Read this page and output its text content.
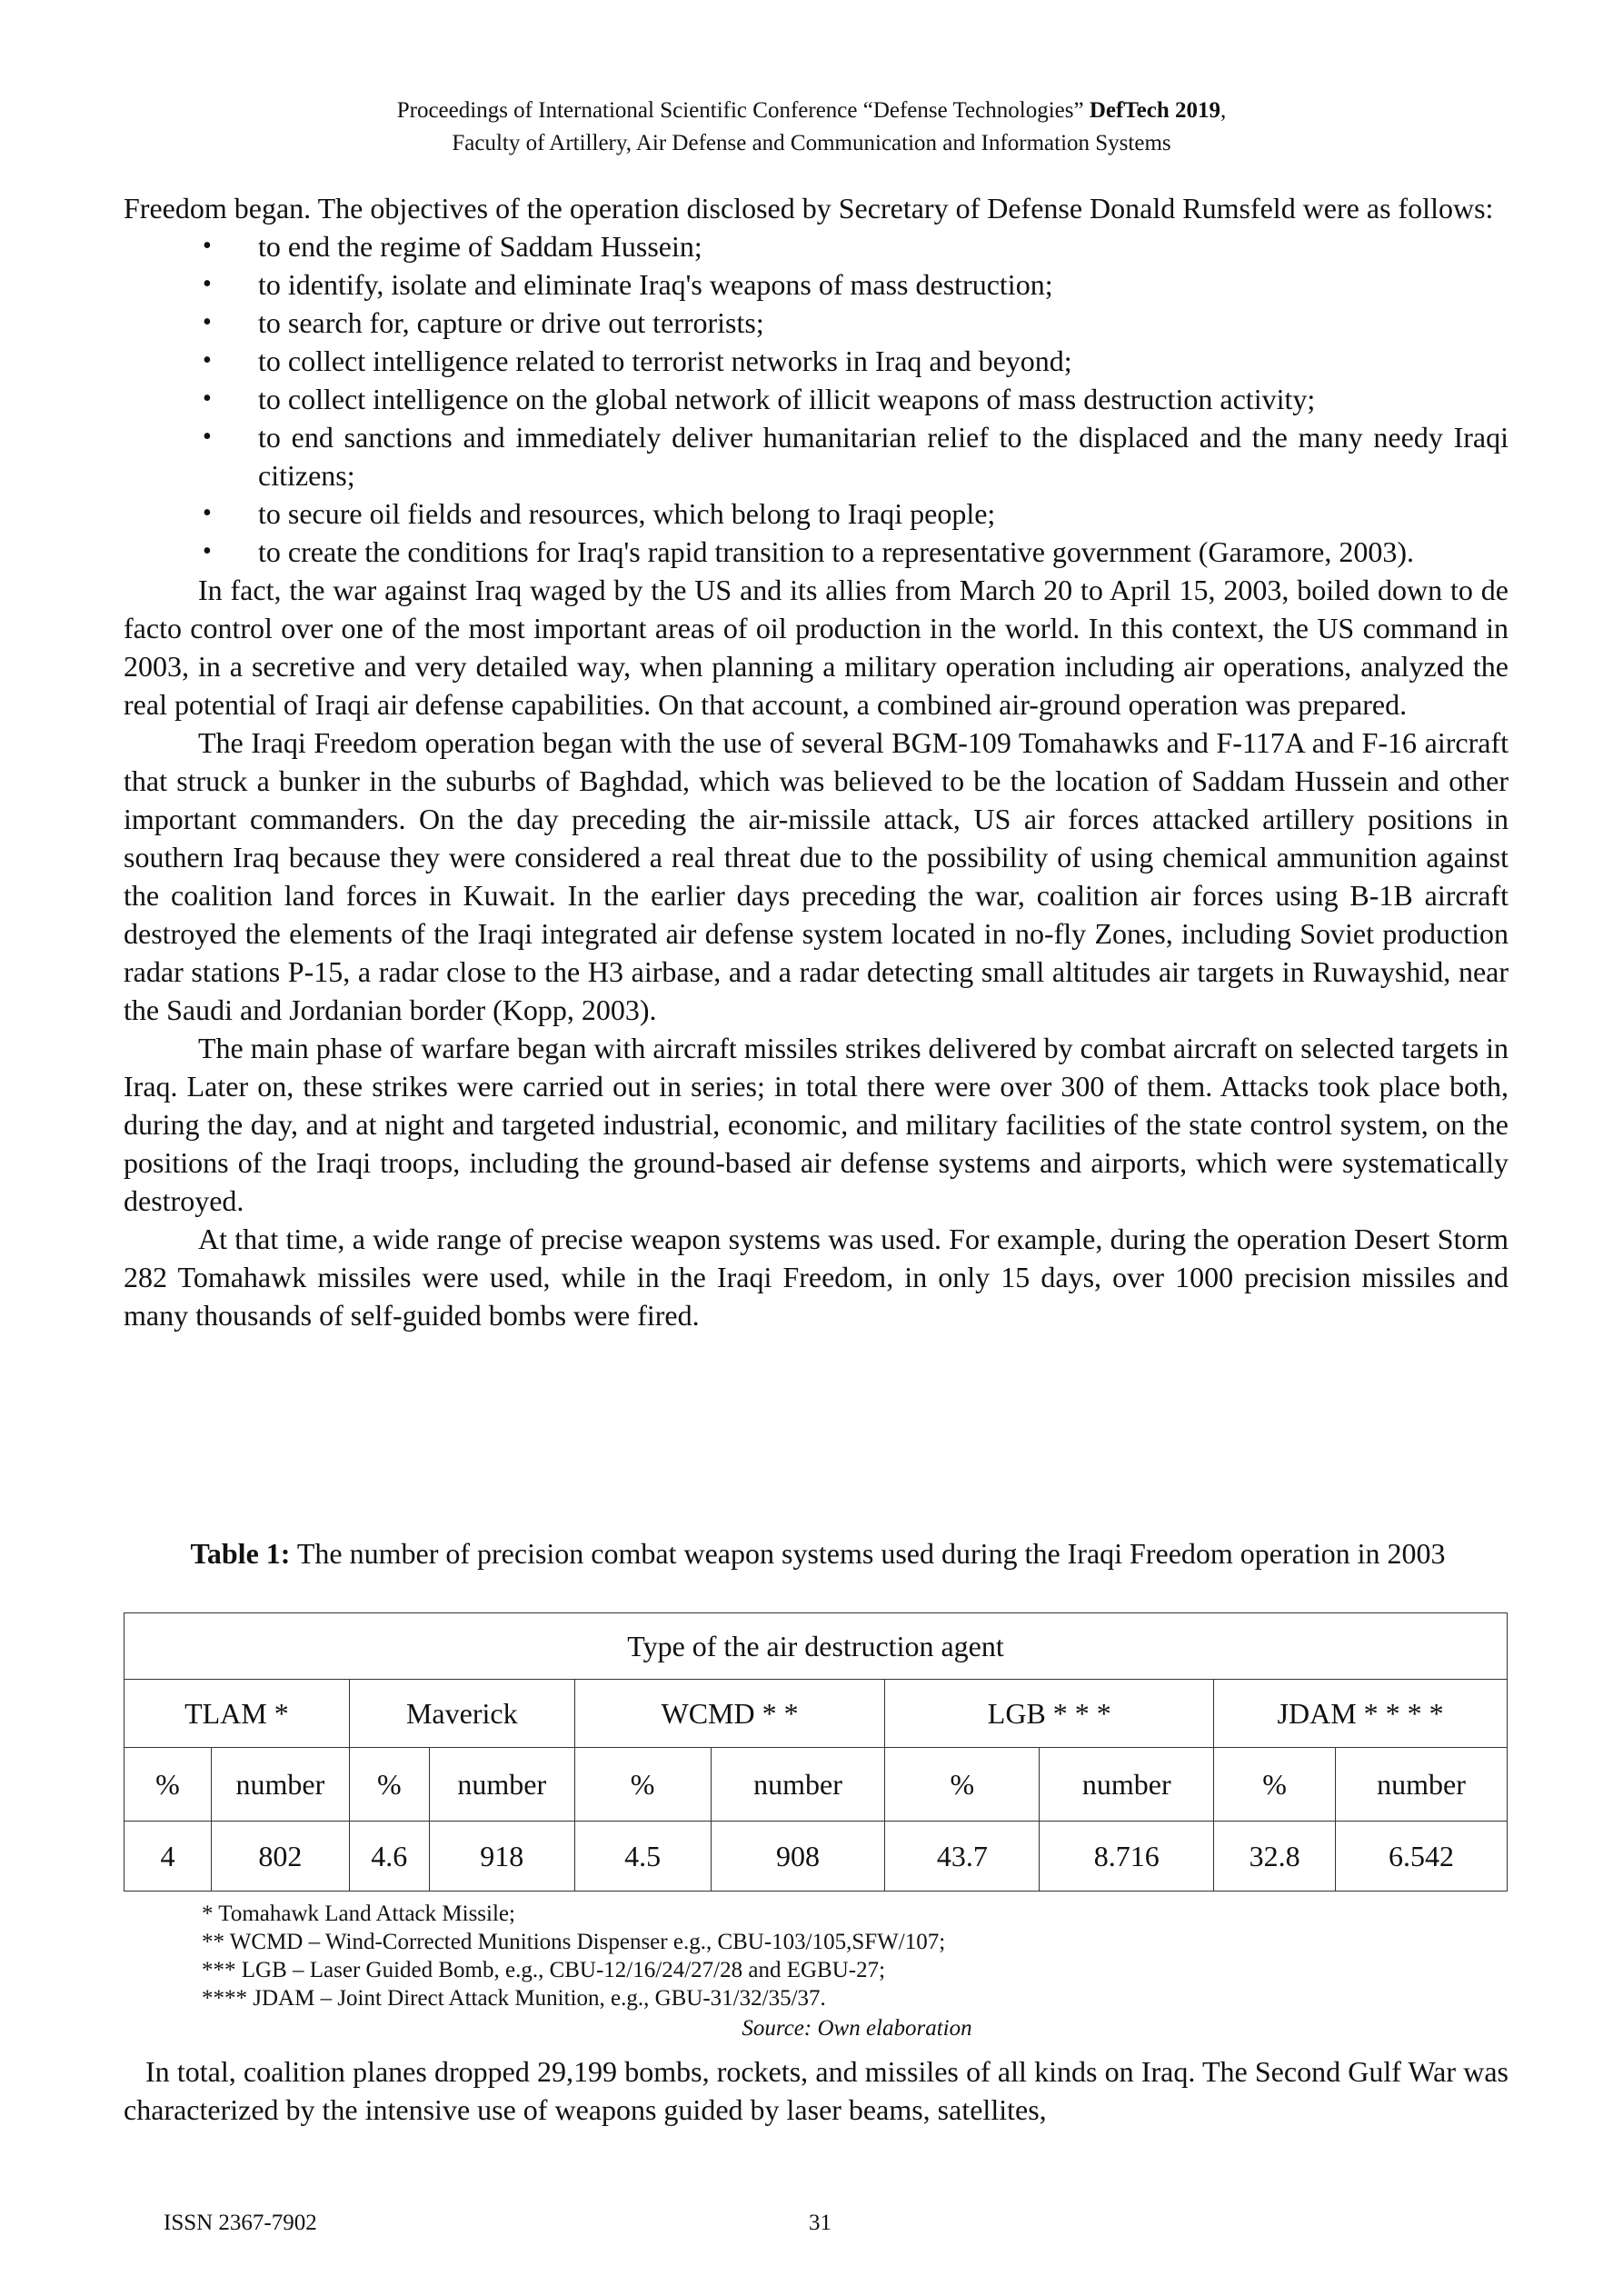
Proceedings of International Scientific Conference “Defense Technologies” DefTech 2019,
Faculty of Artillery, Air Defense and Communication and Information Systems

Freedom began. The objectives of the operation disclosed by Secretary of Defense Donald Rumsfeld were as follows:

• to end the regime of Saddam Hussein;
• to identify, isolate and eliminate Iraq's weapons of mass destruction;
• to search for, capture or drive out terrorists;
• to collect intelligence related to terrorist networks in Iraq and beyond;
• to collect intelligence on the global network of illicit weapons of mass destruction activity;
• to end sanctions and immediately deliver humanitarian relief to the displaced and the many needy Iraqi citizens;
• to secure oil fields and resources, which belong to Iraqi people;
• to create the conditions for Iraq's rapid transition to a representative government (Garamore, 2003).

In fact, the war against Iraq waged by the US and its allies from March 20 to April 15, 2003, boiled down to de facto control over one of the most important areas of oil production in the world. In this context, the US command in 2003, in a secretive and very detailed way, when planning a military operation including air operations, analyzed the real potential of Iraqi air defense capabilities. On that account, a combined air-ground operation was prepared.

The Iraqi Freedom operation began with the use of several BGM-109 Tomahawks and F-117A and F-16 aircraft that struck a bunker in the suburbs of Baghdad, which was believed to be the location of Saddam Hussein and other important commanders. On the day preceding the air-missile attack, US air forces attacked artillery positions in southern Iraq because they were considered a real threat due to the possibility of using chemical ammunition against the coalition land forces in Kuwait. In the earlier days preceding the war, coalition air forces using B-1B aircraft destroyed the elements of the Iraqi integrated air defense system located in no-fly Zones, including Soviet production radar stations P-15, a radar close to the H3 airbase, and a radar detecting small altitudes air targets in Ruwayshid, near the Saudi and Jordanian border (Kopp, 2003).

The main phase of warfare began with aircraft missiles strikes delivered by combat aircraft on selected targets in Iraq. Later on, these strikes were carried out in series; in total there were over 300 of them. Attacks took place both, during the day, and at night and targeted industrial, economic, and military facilities of the state control system, on the positions of the Iraqi troops, including the ground-based air defense systems and airports, which were systematically destroyed.

At that time, a wide range of precise weapon systems was used. For example, during the operation Desert Storm 282 Tomahawk missiles were used, while in the Iraqi Freedom, in only 15 days, over 1000 precision missiles and many thousands of self-guided bombs were fired.

Table 1: The number of precision combat weapon systems used during the Iraqi Freedom operation in 2003
Type of the air destruction agent									
TLAM *		Maverick		WCMD * *		LGB * * *		JDAM * * * *	
%	number	%	number	%	number	%	number	%	number
4	802	4.6	918	4.5	908	43.7	8.716	32.8	6.542
* Tomahawk Land Attack Missile;
** WCMD – Wind-Corrected Munitions Dispenser e.g., CBU-103/105,SFW/107;
*** LGB – Laser Guided Bomb, e.g., CBU-12/16/24/27/28 and EGBU-27;
**** JDAM – Joint Direct Attack Munition, e.g., GBU-31/32/35/37.
Source: Own elaboration

In total, coalition planes dropped 29,199 bombs, rockets, and missiles of all kinds on Iraq. The Second Gulf War was characterized by the intensive use of weapons guided by laser beams, satellites,

ISSN 2367-7902	31
